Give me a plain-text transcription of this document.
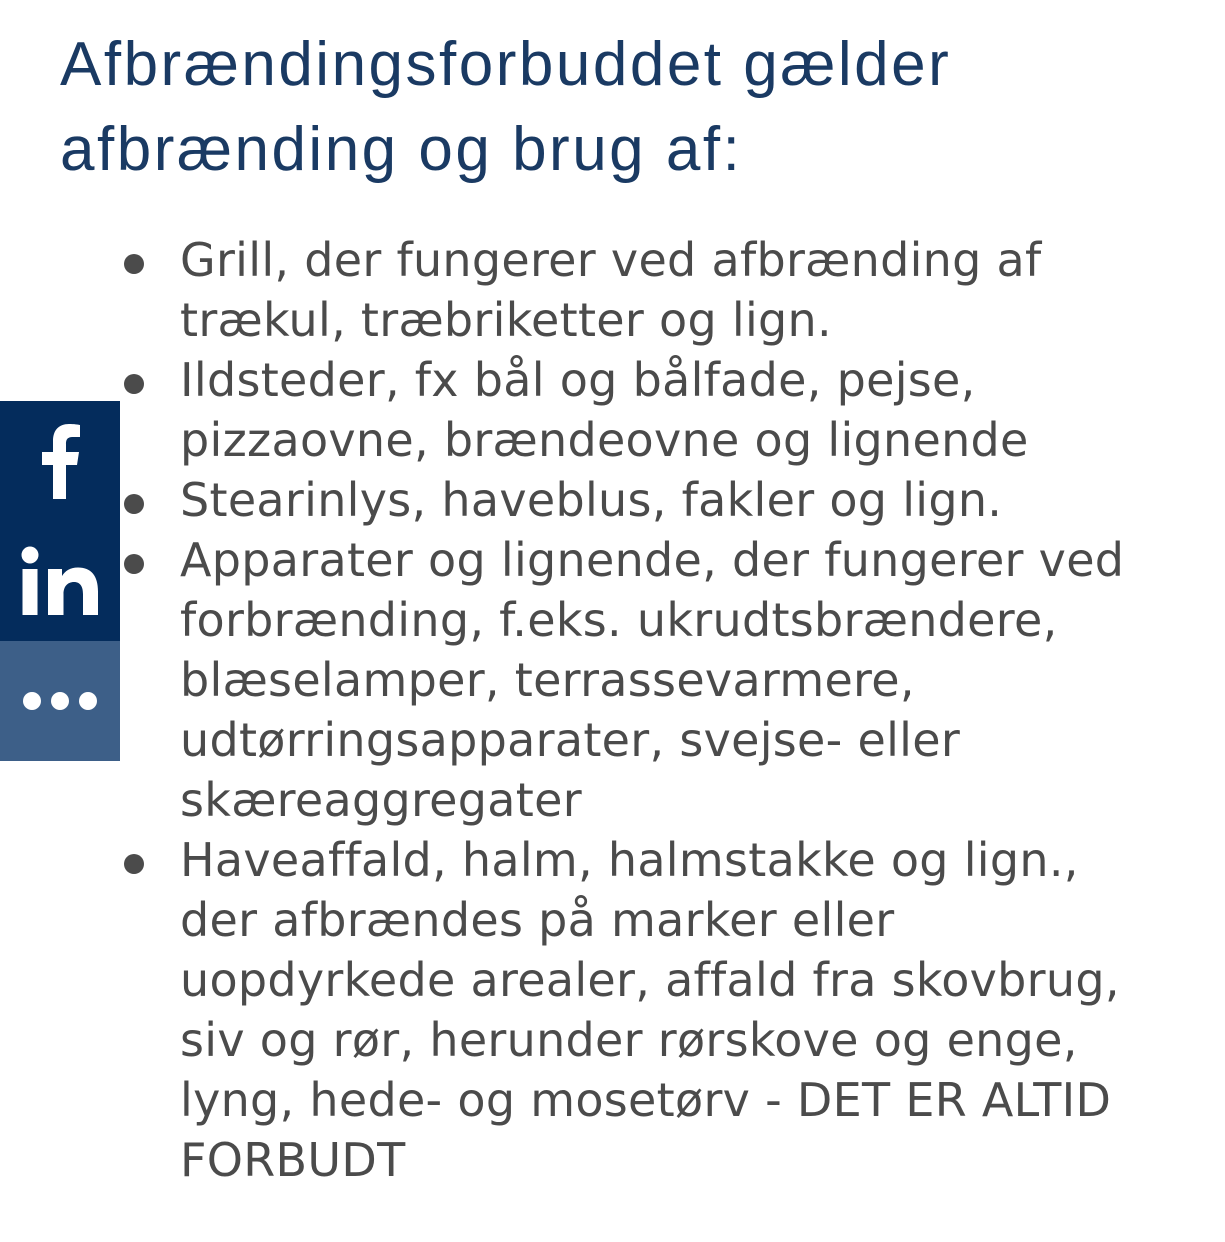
Afbrændingsforbuddet gælder
afbrænding og brug af:
Grill, der fungerer ved afbrænding af
trækul, træbriketter og lign.
Ildsteder, fx bål og bålfade, pejse,
pizzaovne, brændeovne og lignende
Stearinlys, haveblus, fakler og lign.
Apparater og lignende, der fungerer ved
forbrænding, f.eks. ukrudtsbrændere,
blæselamper, terrassevarmere,
udtørringsapparater, svejse- eller
skæreaggregater
Haveaffald, halm, halmstakke og lign.,
der afbrændes på marker eller
uopdyrkede arealer, affald fra skovbrug,
siv og rør, herunder rørskove og enge,
lyng, hede- og mosetørv - DET ER ALTID
FORBUDT
